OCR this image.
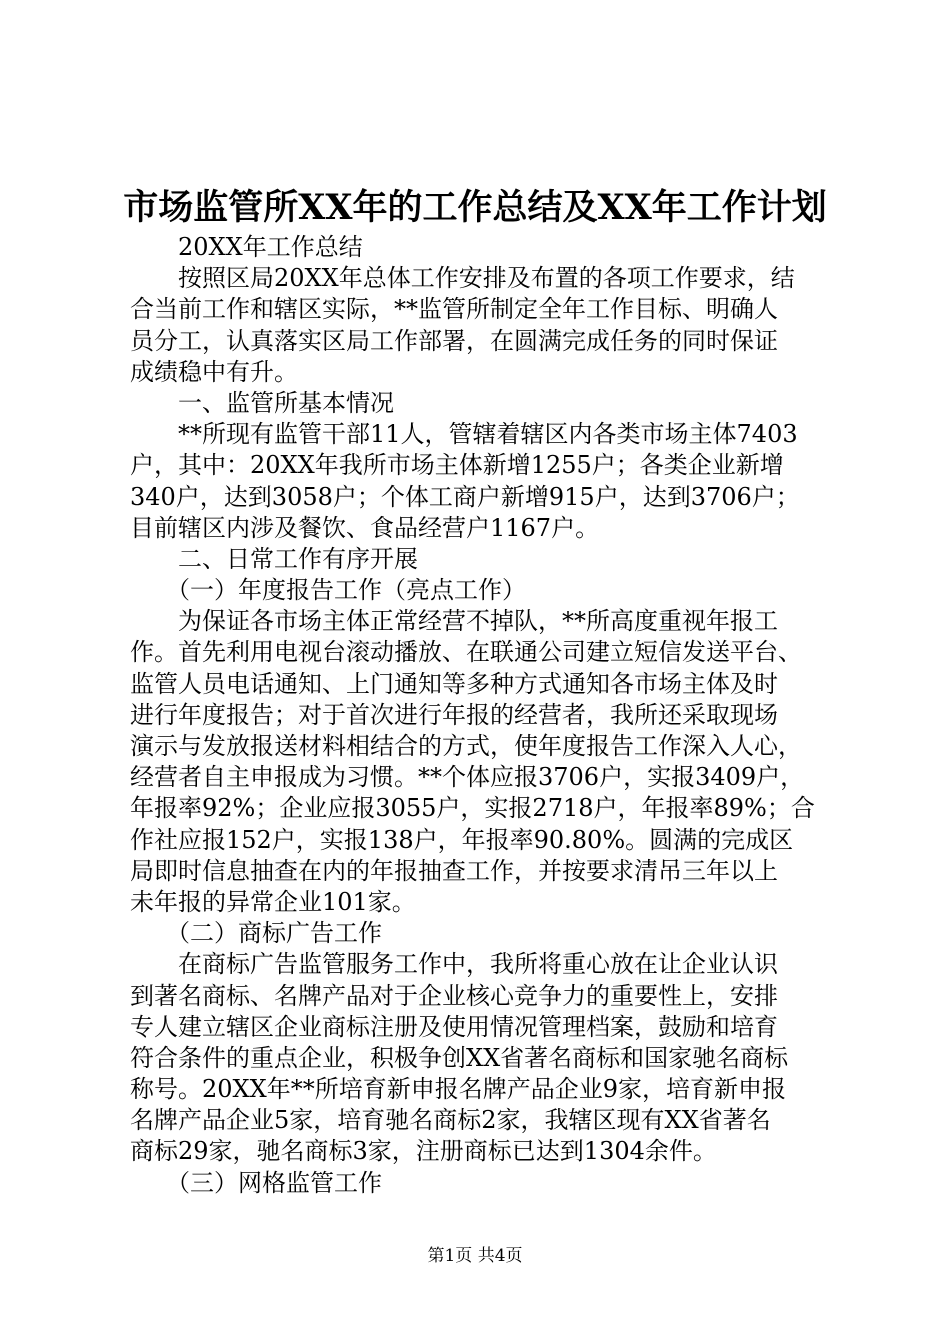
市场监管所XX年的工作总结及XX年工作计划
　　20XX年工作总结
　　按照区局20XX年总体工作安排及布置的各项工作要求，结
合当前工作和辖区实际，**监管所制定全年工作目标、明确人
员分工，认真落实区局工作部署，在圆满完成任务的同时保证
成绩稳中有升。
　　一、监管所基本情况
　　**所现有监管干部11人，管辖着辖区内各类市场主体7403
户，其中：20XX年我所市场主体新增1255户；各类企业新增
340户，达到3058户；个体工商户新增915户，达到3706户；
目前辖区内涉及餐饮、食品经营户1167户。
　　二、日常工作有序开展
　　（一）年度报告工作（亮点工作）
　　为保证各市场主体正常经营不掉队，**所高度重视年报工
作。首先利用电视台滚动播放、在联通公司建立短信发送平台、
监管人员电话通知、上门通知等多种方式通知各市场主体及时
进行年度报告；对于首次进行年报的经营者，我所还采取现场
演示与发放报送材料相结合的方式，使年度报告工作深入人心，
经营者自主申报成为习惯。**个体应报3706户，实报3409户，
年报率92%；企业应报3055户，实报2718户，年报率89%；合
作社应报152户，实报138户，年报率90.80%。圆满的完成区
局即时信息抽查在内的年报抽查工作，并按要求清吊三年以上
未年报的异常企业101家。
　　（二）商标广告工作
　　在商标广告监管服务工作中，我所将重心放在让企业认识
到著名商标、名牌产品对于企业核心竞争力的重要性上，安排
专人建立辖区企业商标注册及使用情况管理档案，鼓励和培育
符合条件的重点企业，积极争创XX省著名商标和国家驰名商标
称号。20XX年**所培育新申报名牌产品企业9家，培育新申报
名牌产品企业5家，培育驰名商标2家，我辖区现有XX省著名
商标29家，驰名商标3家，注册商标已达到1304余件。
　　（三）网格监管工作
第1页 共4页
